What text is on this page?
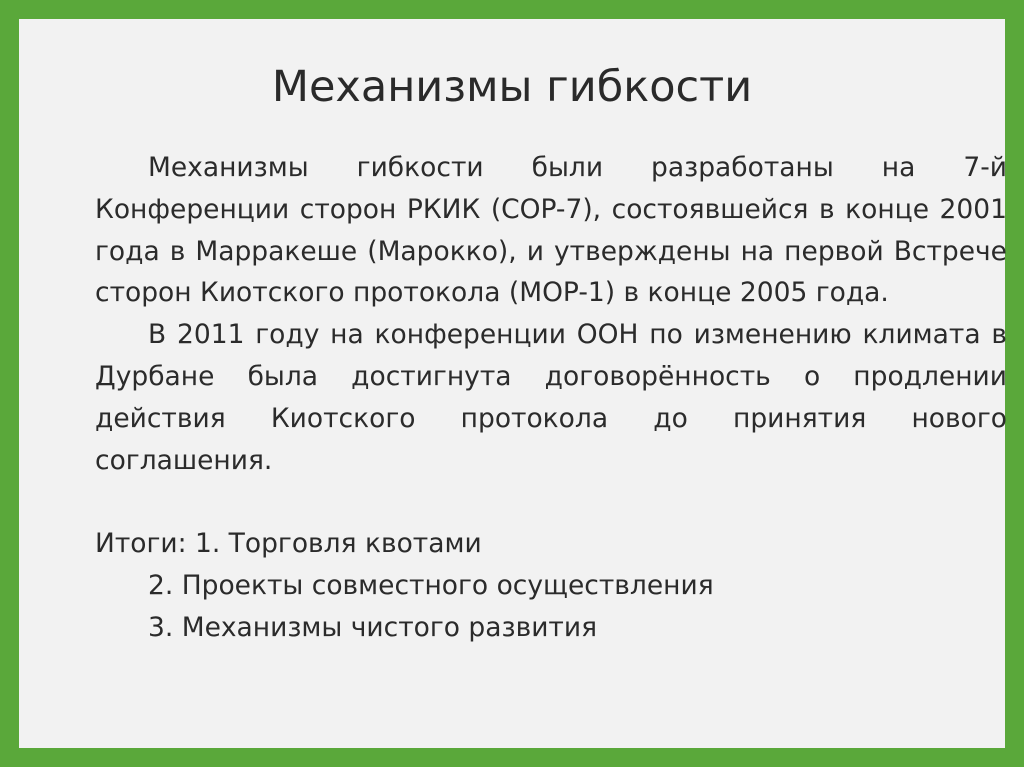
Механизмы гибкости

Механизмы гибкости были разработаны на 7-й Конференции сторон РКИК (COP-7), состоявшейся в конце 2001 года в Марракеше (Марокко), и утверждены на первой Встрече сторон Киотского протокола (MOP-1) в конце 2005 года.

В 2011 году на конференции ООН по изменению климата в Дурбане была достигнута договорённость о продлении действия Киотского протокола до принятия нового соглашения.

Итоги: 1. Торговля квотами

2. Проекты совместного осуществления

3. Механизмы чистого развития
